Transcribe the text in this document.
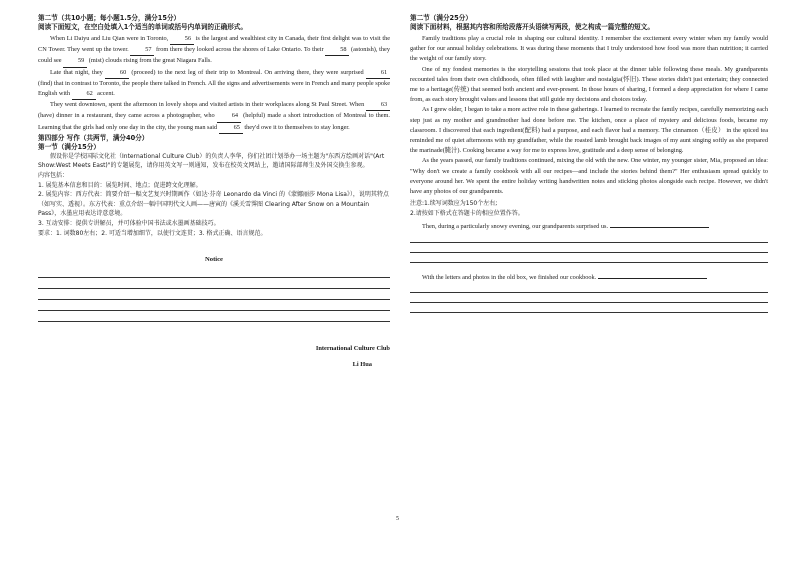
第二节（共10小题；每小题1.5分，满分15分）

阅读下面短文，在空白处填入1个适当的单词或括号内单词的正确形式。

When Li Daiyu and Liu Qian were in Toronto, 56 is the largest and wealthiest city in Canada, their first delight was to visit the CN Tower. They went up the tower. 57 from there they looked across the shores of Lake Ontario. To their 58 (astonish), they could see 59 (mist) clouds rising from the great Niagara Falls.

Late that night, they 60 (proceed) to the next leg of their trip to Montreal. On arriving there, they were surprised 61 (find) that in contrast to Toronto, the people there talked in French. All the signs and advertisements were in French and many people spoke English with 62 accent.

They went downtown, spent the afternoon in lovely shops and visited artists in their workplaces along St Paul Street. When 63 (have) dinner in a restaurant, they came across a photographer, who 64 (helpful) made a short introduction of Montreal to them. Learning that the girls had only one day in the city, the young man said 65 they'd owe it to themselves to stay longer.

第四部分 写作（共两节，满分40分）

第一节（满分15分）

假设你是学校国际文化社（International Culture Club）的负责人李华，你们社团计划举办一场主题为"东西方绘画对话"(Art Show:West Meets East)"的专题展览，请你用英文写一则通知，发布在校英文网站上，邀请国际部师生及外国交换生参观。

内容包括：

1. 展览基本信息和目的：展览时间、地点；促进跨文化理解。

2. 展览内容：西方代表：简要介绍一幅文艺复兴时期画作（如达·芬奇 Leonardo da Vinci 的《蒙娜丽莎 Mona Lisa》），说明其特点（如写实、透视）。东方代表：重点介绍一幅中国明代文人画——唐寅的《溪关雪霁图 Clearing After Snow on a Mountain Pass》，水墨应用表达诗意意境。

3. 互动安排：提供专讲解员，并可体验中国书法或水墨画基础技巧。

要求：1. 词数80左右；2. 可适当增加细节，以使行文连贯；3. 格式正确、语言规范。

Notice
International Culture Club
Li Hua

第二节（满分25分）

阅读下面材料，根据其内容和所给段落开头语续写两段，使之构成一篇完整的短文。

Family traditions play a crucial role in shaping our cultural identity. I remember the excitement every winter when my family would gather for our annual holiday celebrations. It was during these moments that I truly understood how food was more than nutrition; it carried the weight of our family story.

One of my fondest memories is the storytelling sessions that took place at the dinner table following these meals. My grandparents recounted tales from their own childhoods, often filled with laughter and nostalgia(怀旧). These stories didn't just entertain; they connected me to a heritage(传统) that seemed both ancient and ever-present. In those hours of sharing, I formed a deep appreciation for where I came from, as each story brought values and lessons that still guide my decisions and choices today.

As I grew older, I began to take a more active role in these gatherings. I learned to recreate the family recipes, carefully memorizing each step just as my mother and grandmother had done before me. The kitchen, once a place of mystery and delicious foods, became my classroom. I discovered that each ingredient(配料) had a purpose, and each flavor had a memory. The cinnamon（桂皮） in the spiced tea reminded me of quiet afternoons with my grandfather, while the roasted lamb brought back images of my aunt singing softly as she prepared the marinade(腌汁). Cooking became a way for me to express love, gratitude and a deep sense of belonging.

As the years passed, our family traditions continued, mixing the old with the new. One winter, my younger sister, Mia, proposed an idea: "Why don't we create a family cookbook with all our recipes—and include the stories behind them?" Her enthusiasm spread quickly to everyone around her. We spent the entire holiday writing handwritten notes and sticking photos alongside each recipe. However, we didn't have any photos of our grandparents.

注意:1.续写词数应为150个左右;

2.请按如下格式在答题卡的相应位置作答。

Then, during a particularly snowy evening, our grandparents surprised us.

With the letters and photos in the old box, we finished our cookbook.

5
